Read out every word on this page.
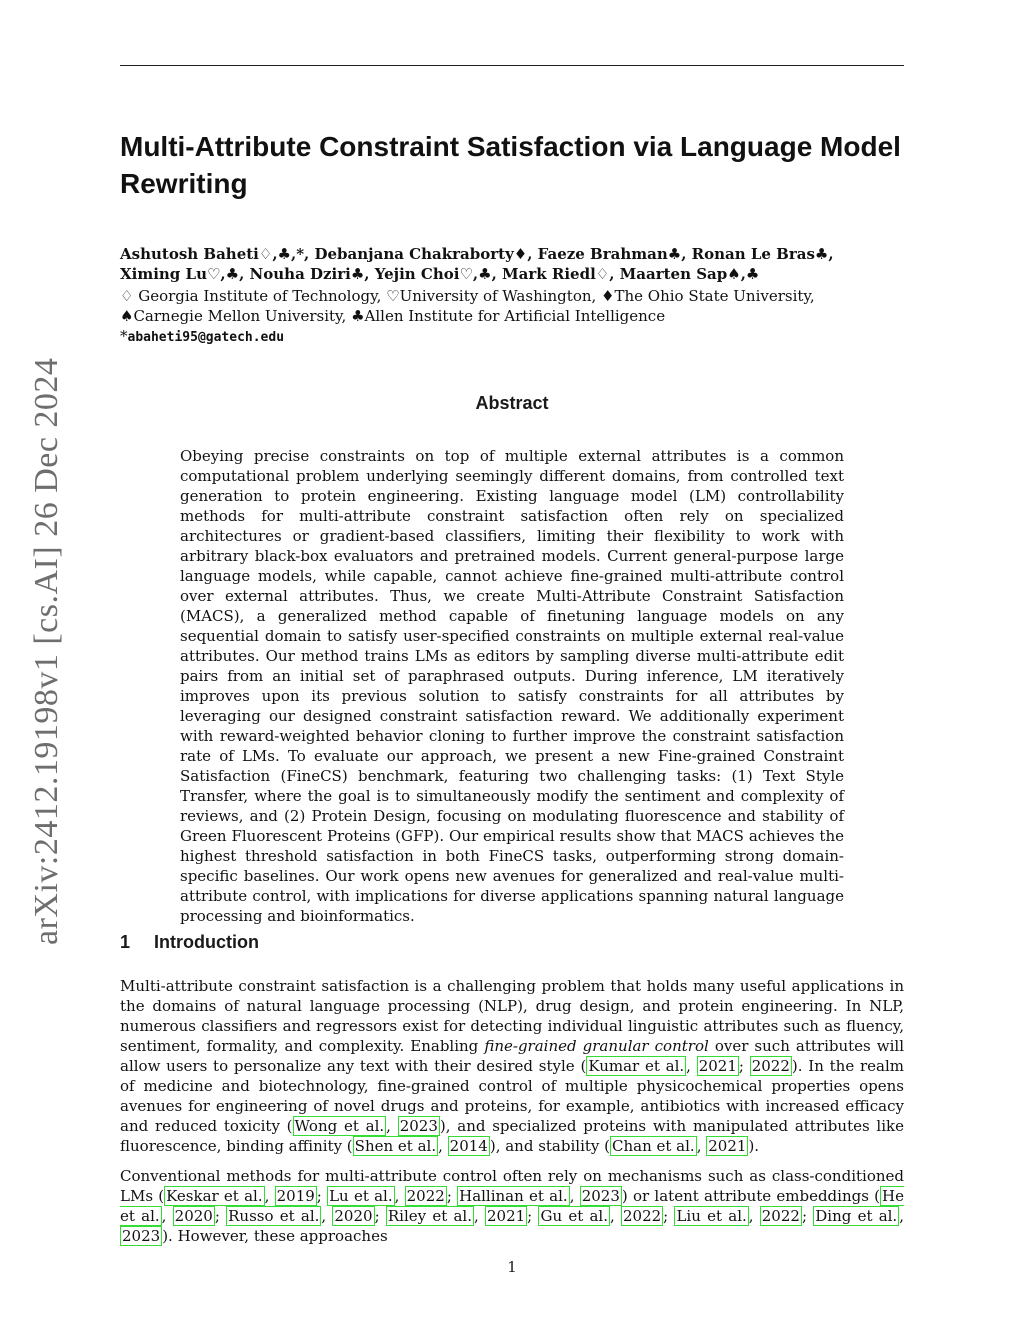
arXiv:2412.19198v1 [cs.AI] 26 Dec 2024
Multi-Attribute Constraint Satisfaction via Language Model Rewriting
Ashutosh Baheti♢,♣,*, Debanjana Chakraborty♦, Faeze Brahman♣, Ronan Le Bras♣,
Ximing Lu♡,♣, Nouha Dziri♣, Yejin Choi♡,♣, Mark Riedl♢, Maarten Sap♠,♣
♢ Georgia Institute of Technology, ♡University of Washington, ♦The Ohio State University,
♠Carnegie Mellon University, ♣Allen Institute for Artificial Intelligence
*abaheti95@gatech.edu
Abstract
Obeying precise constraints on top of multiple external attributes is a common computational problem underlying seemingly different domains, from controlled text generation to protein engineering. Existing language model (LM) controllability methods for multi-attribute constraint satisfaction often rely on specialized architectures or gradient-based classifiers, limiting their flexibility to work with arbitrary black-box evaluators and pretrained models. Current general-purpose large language models, while capable, cannot achieve fine-grained multi-attribute control over external attributes. Thus, we create Multi-Attribute Constraint Satisfaction (MACS), a generalized method capable of finetuning language models on any sequential domain to satisfy user-specified constraints on multiple external real-value attributes. Our method trains LMs as editors by sampling diverse multi-attribute edit pairs from an initial set of paraphrased outputs. During inference, LM iteratively improves upon its previous solution to satisfy constraints for all attributes by leveraging our designed constraint satisfaction reward. We additionally experiment with reward-weighted behavior cloning to further improve the constraint satisfaction rate of LMs. To evaluate our approach, we present a new Fine-grained Constraint Satisfaction (FineCS) benchmark, featuring two challenging tasks: (1) Text Style Transfer, where the goal is to simultaneously modify the sentiment and complexity of reviews, and (2) Protein Design, focusing on modulating fluorescence and stability of Green Fluorescent Proteins (GFP). Our empirical results show that MACS achieves the highest threshold satisfaction in both FineCS tasks, outperforming strong domain-specific baselines. Our work opens new avenues for generalized and real-value multi-attribute control, with implications for diverse applications spanning natural language processing and bioinformatics.
1 Introduction

Multi-attribute constraint satisfaction is a challenging problem that holds many useful applications in the domains of natural language processing (NLP), drug design, and protein engineering. In NLP, numerous classifiers and regressors exist for detecting individual linguistic attributes such as fluency, sentiment, formality, and complexity. Enabling fine-grained granular control over such attributes will allow users to personalize any text with their desired style ( Kumar et al. , 2021 ; 2022 ). In the realm of medicine and biotechnology, fine-grained control of multiple physicochemical properties opens avenues for engineering of novel drugs and proteins, for example, antibiotics with increased efficacy and reduced toxicity ( Wong et al. , 2023 ), and specialized proteins with manipulated attributes like fluorescence, binding affinity ( Shen et al. , 2014 ), and stability ( Chan et al. , 2021 ).

Conventional methods for multi-attribute control often rely on mechanisms such as class-conditioned LMs ( Keskar et al. , 2019 ; Lu et al. , 2022 ; Hallinan et al. , 2023 ) or latent attribute embeddings ( He et al. , 2020 ; Russo et al. , 2020 ; Riley et al. , 2021 ; Gu et al. , 2022 ; Liu et al. , 2022 ; Ding et al. , 2023 ). However, these approaches

1
